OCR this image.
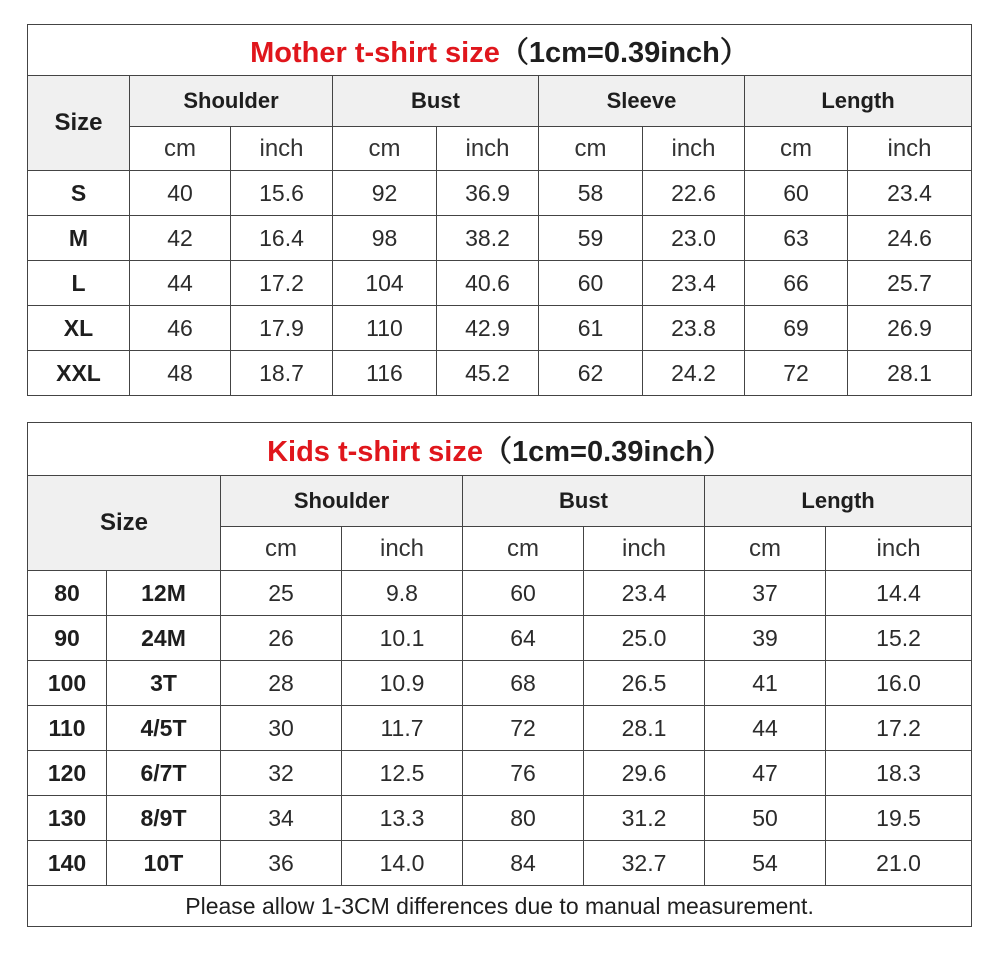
Mother t-shirt size（1cm=0.39inch）								
Size	Shoulder		Bust		Sleeve		Length	
	cm	inch	cm	inch	cm	inch	cm	inch
S	40	15.6	92	36.9	58	22.6	60	23.4
M	42	16.4	98	38.2	59	23.0	63	24.6
L	44	17.2	104	40.6	60	23.4	66	25.7
XL	46	17.9	110	42.9	61	23.8	69	26.9
XXL	48	18.7	116	45.2	62	24.2	72	28.1
Kids t-shirt size（1cm=0.39inch）							
Size		Shoulder		Bust		Length	
		cm	inch	cm	inch	cm	inch
80	12M	25	9.8	60	23.4	37	14.4
90	24M	26	10.1	64	25.0	39	15.2
100	3T	28	10.9	68	26.5	41	16.0
110	4/5T	30	11.7	72	28.1	44	17.2
120	6/7T	32	12.5	76	29.6	47	18.3
130	8/9T	34	13.3	80	31.2	50	19.5
140	10T	36	14.0	84	32.7	54	21.0
Please allow 1-3CM differences due to manual measurement.							
